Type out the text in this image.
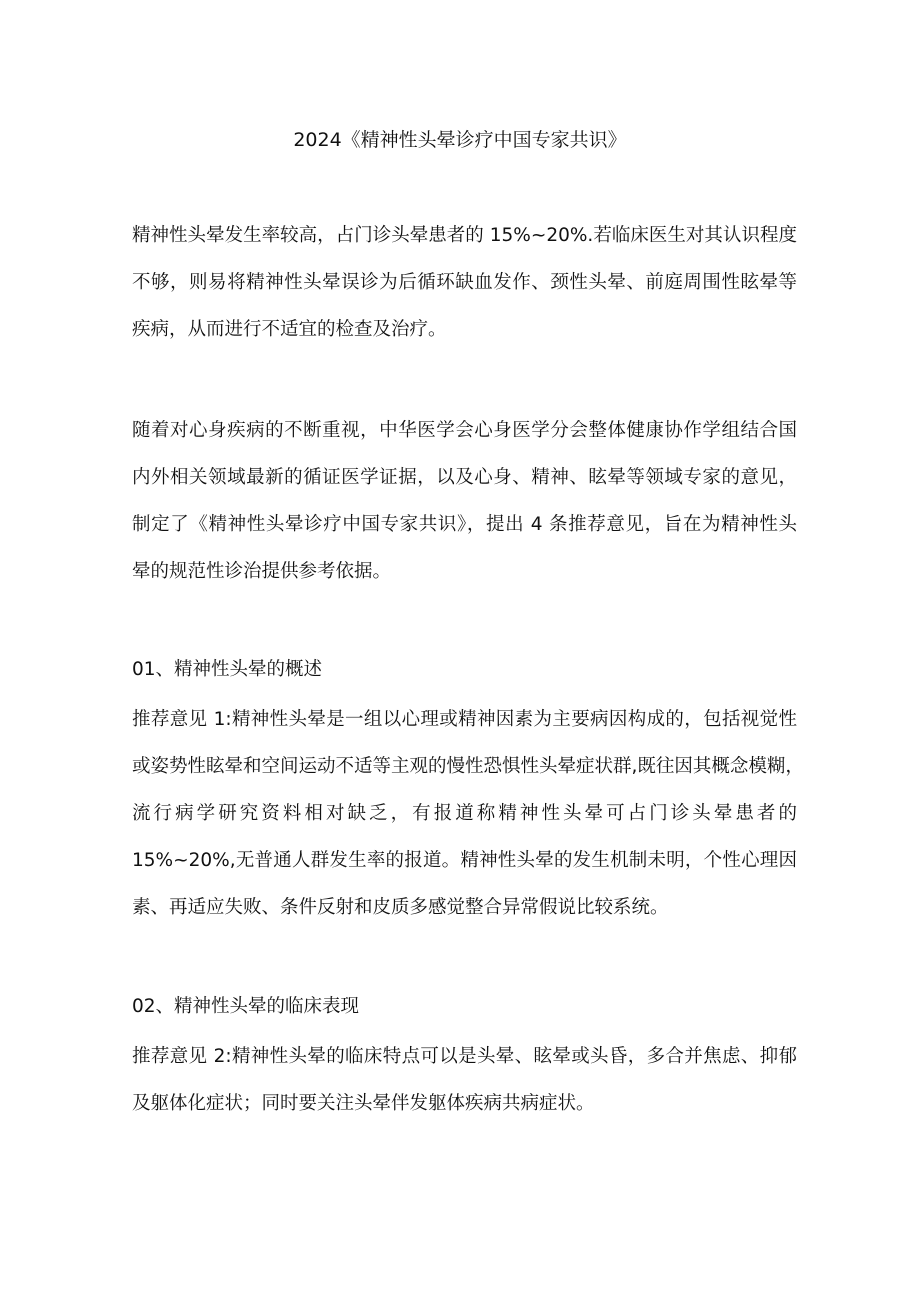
2024《精神性头晕诊疗中国专家共识》
精神性头晕发生率较高，占门诊头晕患者的 15%~20%.若临床医生对其认识程度
不够，则易将精神性头晕误诊为后循环缺血发作、颈性头晕、前庭周围性眩晕等
疾病，从而进行不适宜的检查及治疗。
随着对心身疾病的不断重视，中华医学会心身医学分会整体健康协作学组结合国
内外相关领域最新的循证医学证据，以及心身、精神、眩晕等领域专家的意见，
制定了《精神性头晕诊疗中国专家共识》，提出 4 条推荐意见，旨在为精神性头
晕的规范性诊治提供参考依据。
01、精神性头晕的概述
推荐意见 1:精神性头晕是一组以心理或精神因素为主要病因构成的，包括视觉性
或姿势性眩晕和空间运动不适等主观的慢性恐惧性头晕症状群,既往因其概念模糊，
流行病学研究资料相对缺乏，有报道称精神性头晕可占门诊头晕患者的
15%~20%,无普通人群发生率的报道。精神性头晕的发生机制未明，个性心理因
素、再适应失败、条件反射和皮质多感觉整合异常假说比较系统。
02、精神性头晕的临床表现
推荐意见 2:精神性头晕的临床特点可以是头晕、眩晕或头昏，多合并焦虑、抑郁
及躯体化症状；同时要关注头晕伴发躯体疾病共病症状。
